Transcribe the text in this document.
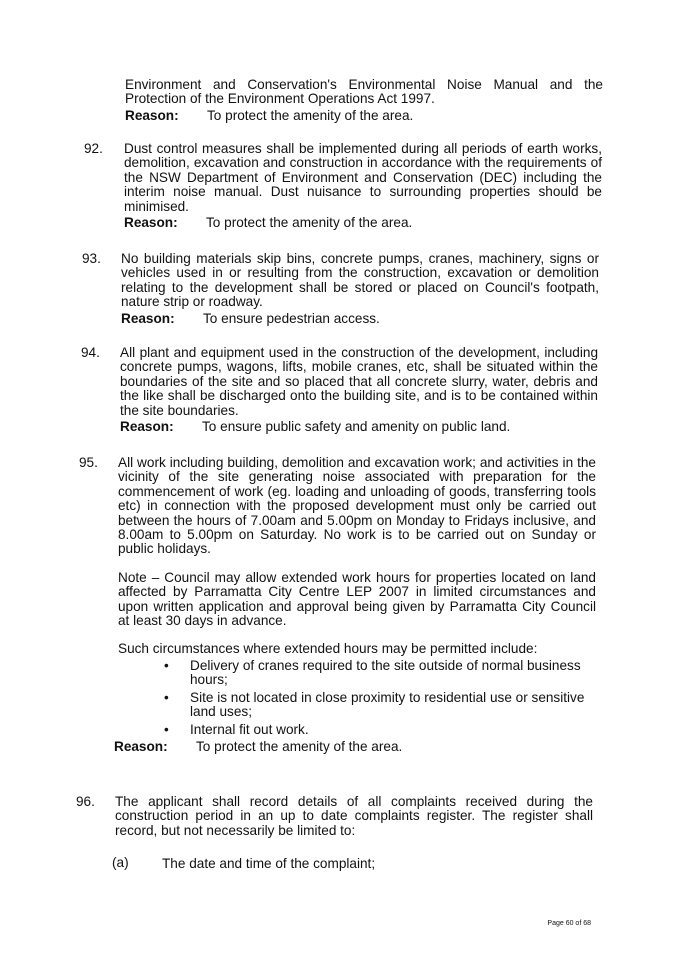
Environment and Conservation's Environmental Noise Manual and the Protection of the Environment Operations Act 1997.

Reason: To protect the amenity of the area.

92. Dust control measures shall be implemented during all periods of earth works, demolition, excavation and construction in accordance with the requirements of the NSW Department of Environment and Conservation (DEC) including the interim noise manual. Dust nuisance to surrounding properties should be minimised.

Reason: To protect the amenity of the area.

93. No building materials skip bins, concrete pumps, cranes, machinery, signs or vehicles used in or resulting from the construction, excavation or demolition relating to the development shall be stored or placed on Council's footpath, nature strip or roadway.

Reason: To ensure pedestrian access.

94. All plant and equipment used in the construction of the development, including concrete pumps, wagons, lifts, mobile cranes, etc, shall be situated within the boundaries of the site and so placed that all concrete slurry, water, debris and the like shall be discharged onto the building site, and is to be contained within the site boundaries.

Reason: To ensure public safety and amenity on public land.

95. All work including building, demolition and excavation work; and activities in the vicinity of the site generating noise associated with preparation for the commencement of work (eg. loading and unloading of goods, transferring tools etc) in connection with the proposed development must only be carried out between the hours of 7.00am and 5.00pm on Monday to Fridays inclusive, and 8.00am to 5.00pm on Saturday. No work is to be carried out on Sunday or public holidays.

Note – Council may allow extended work hours for properties located on land affected by Parramatta City Centre LEP 2007 in limited circumstances and upon written application and approval being given by Parramatta City Council at least 30 days in advance.

Such circumstances where extended hours may be permitted include:

• Delivery of cranes required to the site outside of normal business hours;
• Site is not located in close proximity to residential use or sensitive land uses;
• Internal fit out work.

Reason: To protect the amenity of the area.

96. The applicant shall record details of all complaints received during the construction period in an up to date complaints register. The register shall record, but not necessarily be limited to:

(a) The date and time of the complaint;
Page 60 of 68
